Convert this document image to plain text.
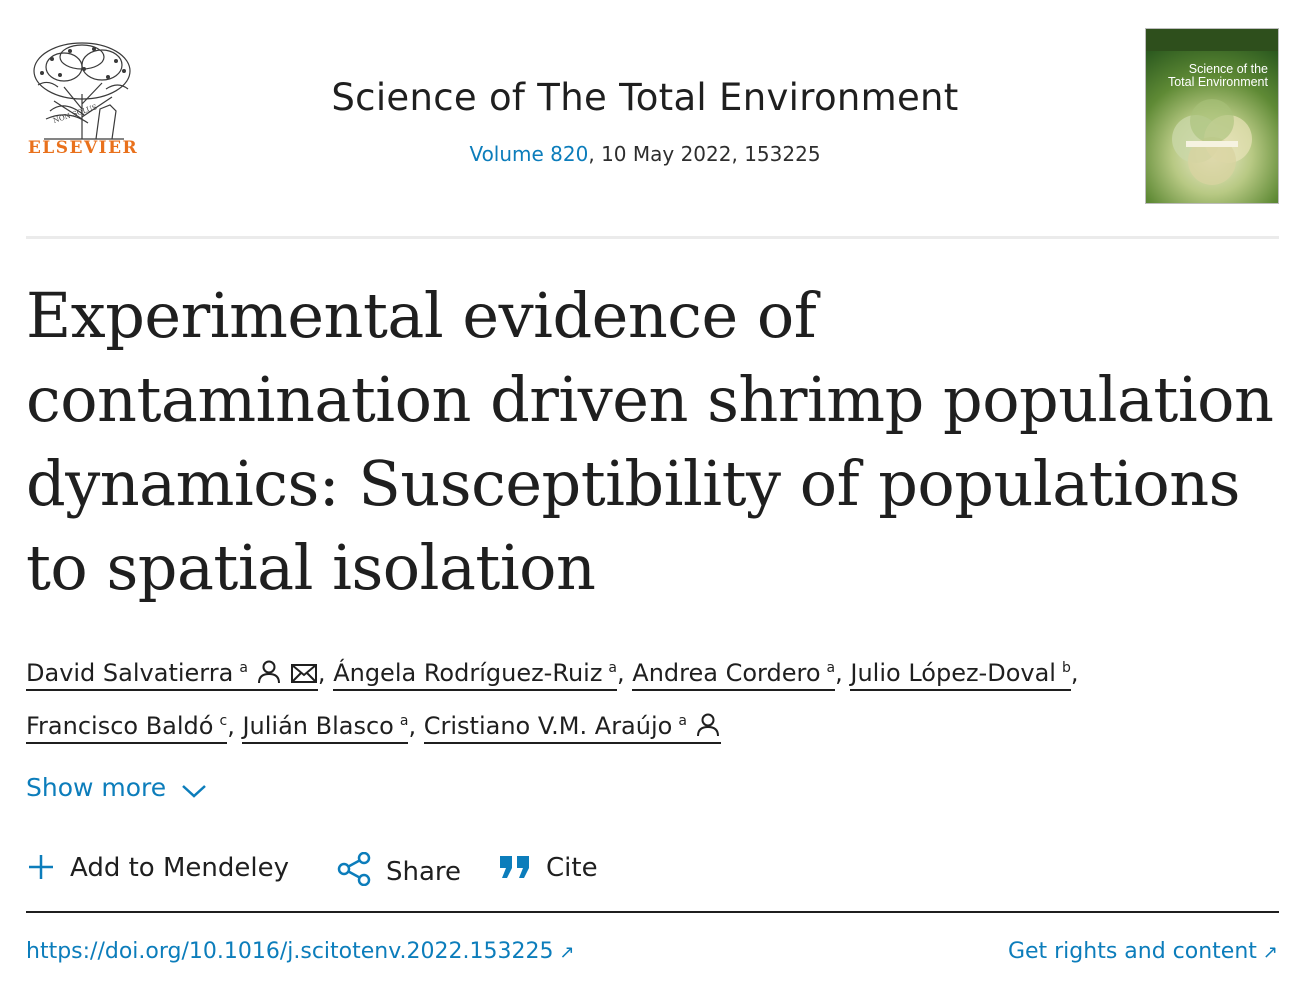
NON SOLUS
ELSEVIER
Science of The Total Environment
Volume 820, 10 May 2022, 153225
Science of the
Total Environment
Experimental evidence of contamination driven shrimp population dynamics: Susceptibility of populations to spatial isolation
David Salvatierra $^a$	, Ángela Rodríguez-Ruiz $^a$, Andrea Cordero $^a$, Julio López-Doval $^b$,
Francisco Baldó $^c$, Julián Blasco $^a$, Cristiano V.M. Araújo $^a$
Show more
Add to Mendeley	Share	Cite
https://doi.org/10.1016/j.scitotenv.2022.153225 ↗	Get rights and content ↗
